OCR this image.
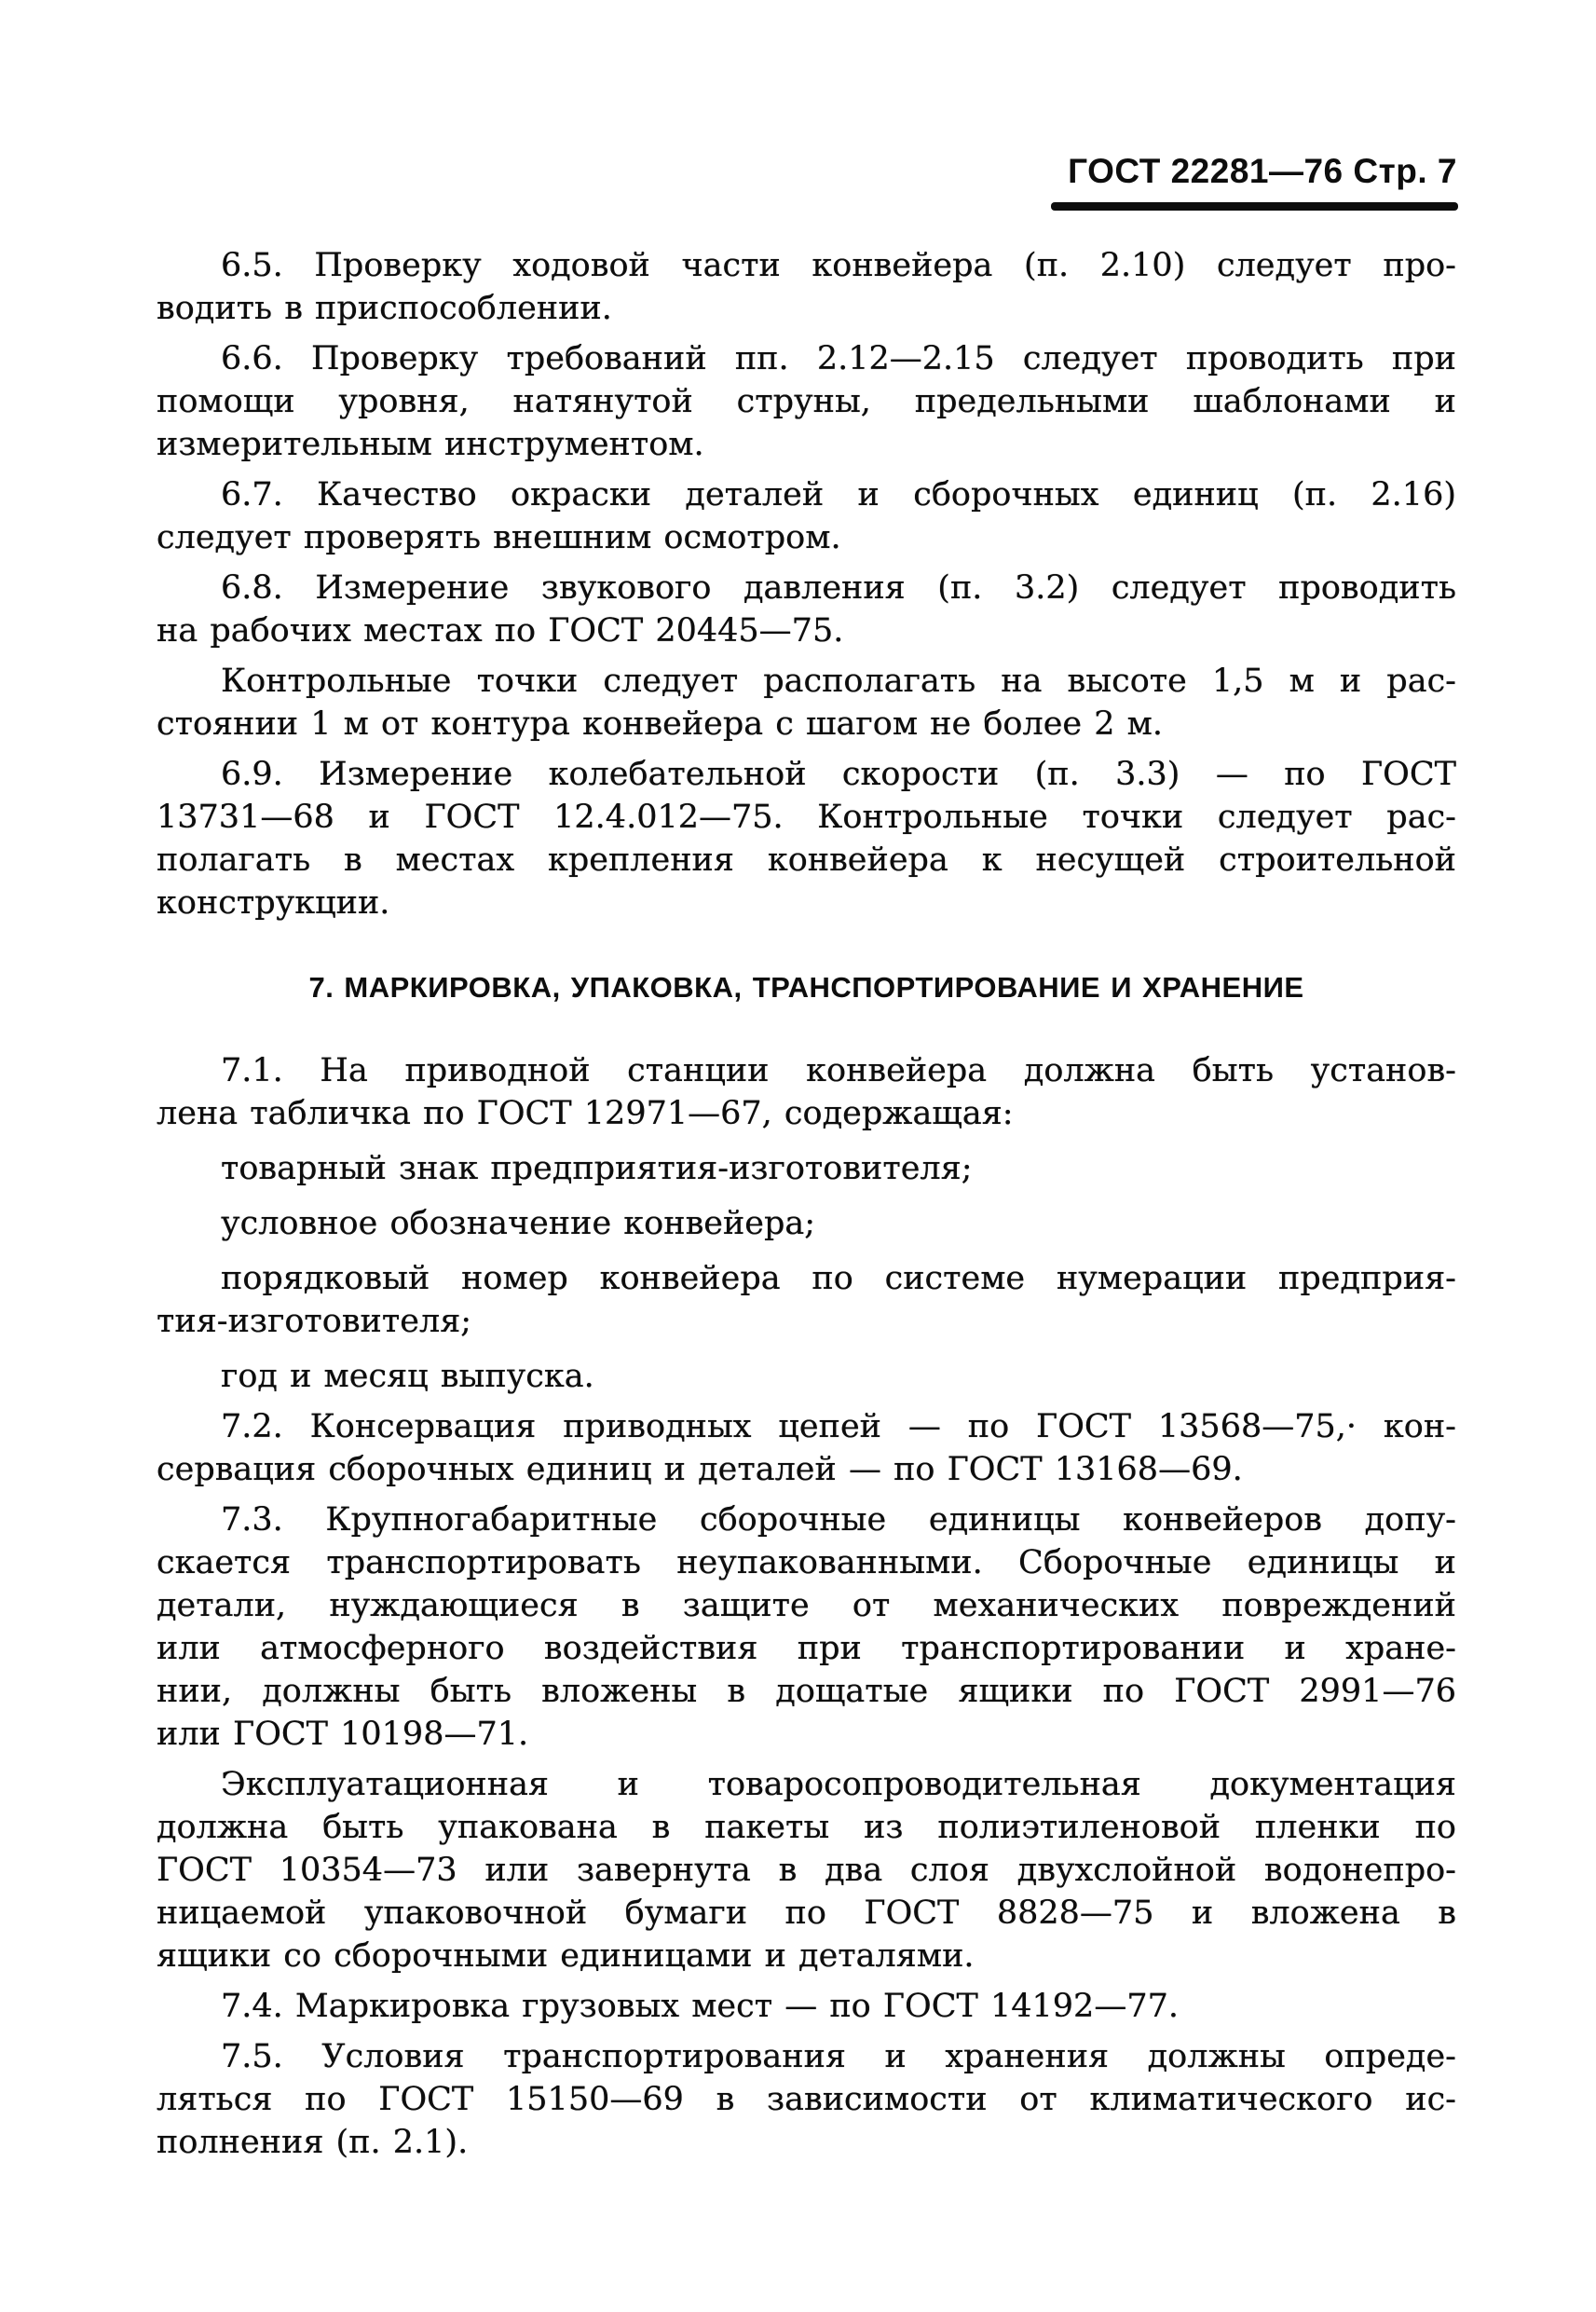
ГОСТ 22281—76 Стр. 7
6.5. Проверку ходовой части конвейера (п. 2.10) следует про-
водить в приспособлении.
6.6. Проверку требований пп. 2.12—2.15 следует проводить при
помощи уровня, натянутой струны, предельными шаблонами и
измерительным инструментом.
6.7. Качество окраски деталей и сборочных единиц (п. 2.16)
следует проверять внешним осмотром.
6.8. Измерение звукового давления (п. 3.2) следует проводить
на рабочих местах по ГОСТ 20445—75.
Контрольные точки следует располагать на высоте 1,5 м и рас-
стоянии 1 м от контура конвейера с шагом не более 2 м.
6.9. Измерение колебательной скорости (п. 3.3) — по ГОСТ
13731—68 и ГОСТ 12.4.012—75. Контрольные точки следует рас-
полагать в местах крепления конвейера к несущей строительной
конструкции.
7. МАРКИРОВКА, УПАКОВКА, ТРАНСПОРТИРОВАНИЕ И ХРАНЕНИЕ
7.1. На приводной станции конвейера должна быть установ-
лена табличка по ГОСТ 12971—67, содержащая:
товарный знак предприятия-изготовителя;
условное обозначение конвейера;
порядковый номер конвейера по системе нумерации предприя-
тия-изготовителя;
год и месяц выпуска.
7.2. Консервация приводных цепей — по ГОСТ 13568—75,· кон-
сервация сборочных единиц и деталей — по ГОСТ 13168—69.
7.3. Крупногабаритные сборочные единицы конвейеров допу-
скается транспортировать неупакованными. Сборочные единицы и
детали, нуждающиеся в защите от механических повреждений
или атмосферного воздействия при транспортировании и хране-
нии, должны быть вложены в дощатые ящики по ГОСТ 2991—76
или ГОСТ 10198—71.
Эксплуатационная и товаросопроводительная документация
должна быть упакована в пакеты из полиэтиленовой пленки по
ГОСТ 10354—73 или завернута в два слоя двухслойной водонепро-
ницаемой упаковочной бумаги по ГОСТ 8828—75 и вложена в
ящики со сборочными единицами и деталями.
7.4. Маркировка грузовых мест — по ГОСТ 14192—77.
7.5. Условия транспортирования и хранения должны опреде-
ляться по ГОСТ 15150—69 в зависимости от климатического ис-
полнения (п. 2.1).
